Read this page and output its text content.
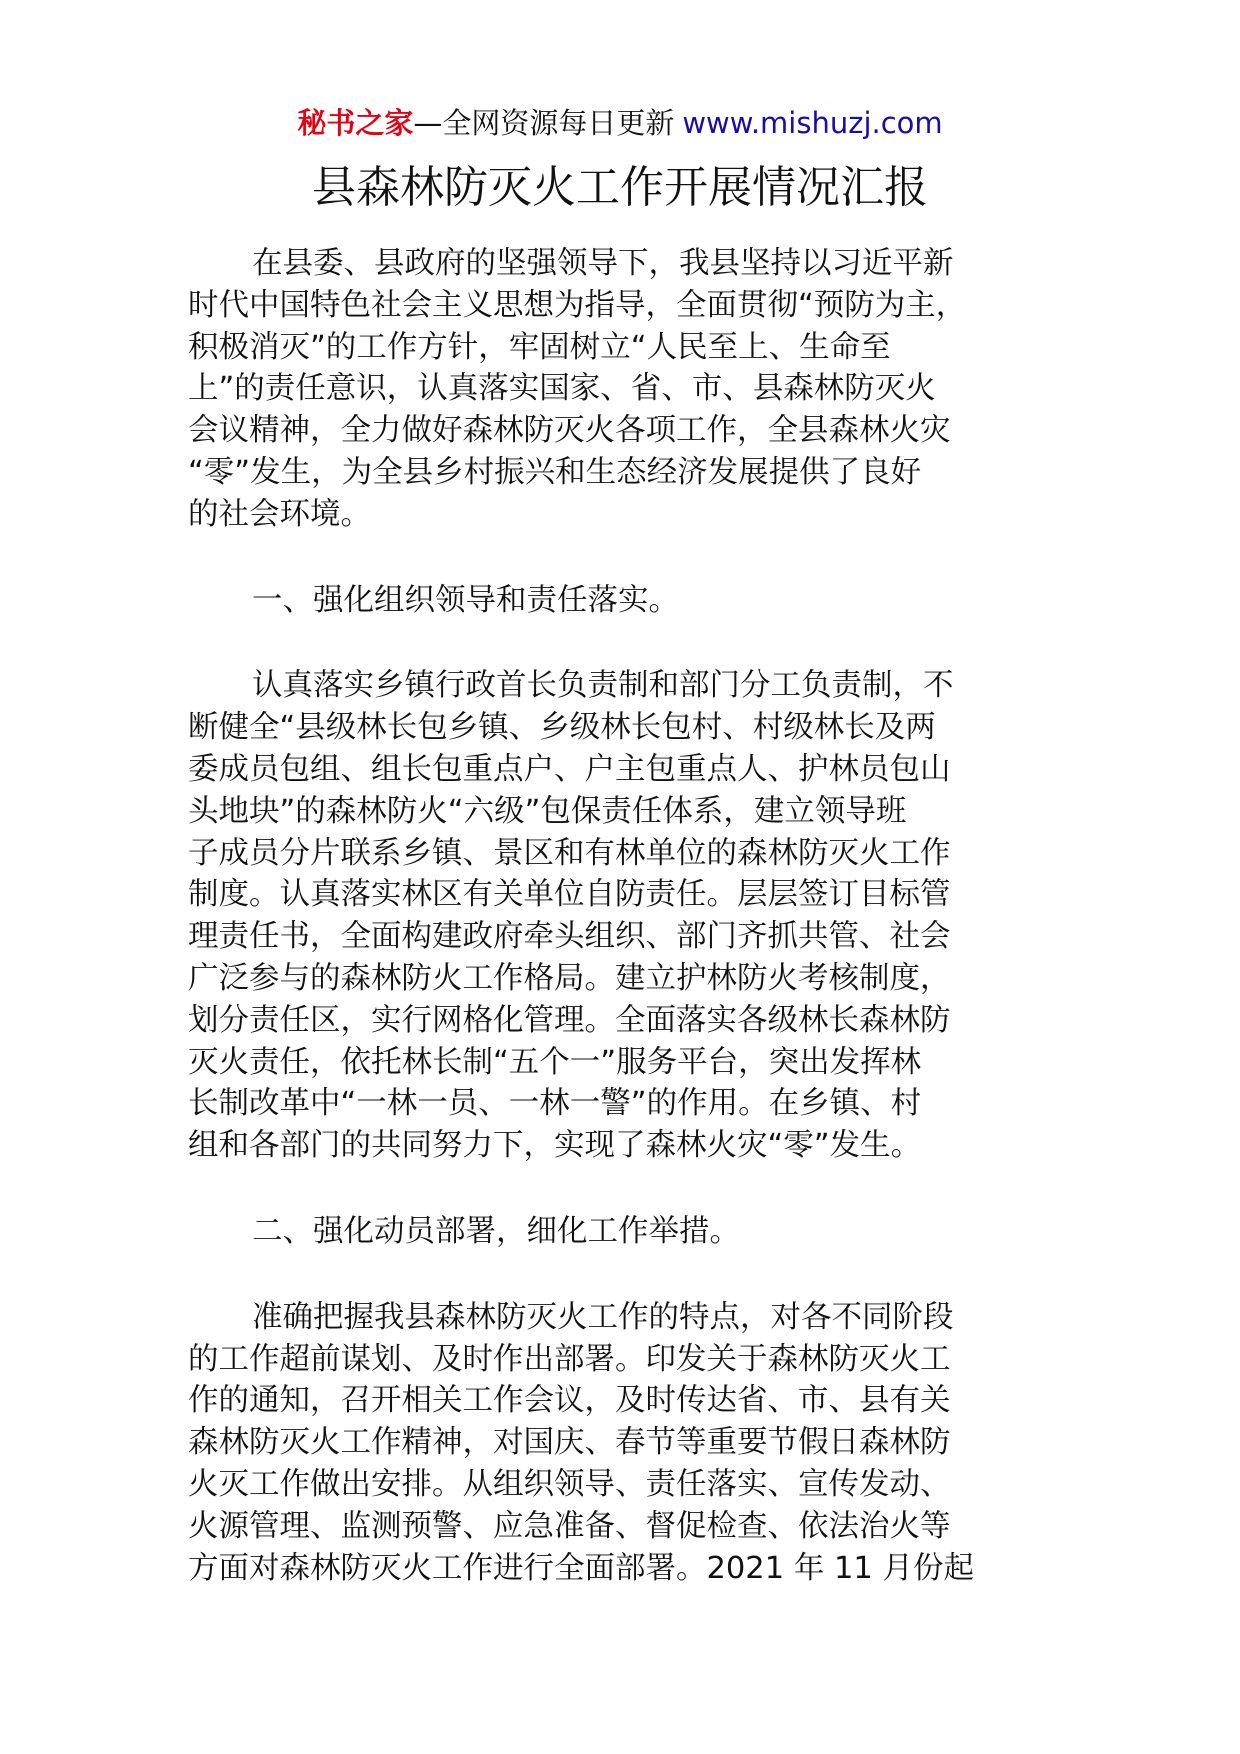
秘书之家—全网资源每日更新 www.mishuzj.com
县森林防灭火工作开展情况汇报
在县委、县政府的坚强领导下，我县坚持以习近平新
时代中国特色社会主义思想为指导，全面贯彻“预防为主，
积极消灭”的工作方针，牢固树立“人民至上、生命至
上”的责任意识，认真落实国家、省、市、县森林防灭火
会议精神，全力做好森林防灭火各项工作，全县森林火灾
“零”发生，为全县乡村振兴和生态经济发展提供了良好
的社会环境。
一、强化组织领导和责任落实。
认真落实乡镇行政首长负责制和部门分工负责制，不
断健全“县级林长包乡镇、乡级林长包村、村级林长及两
委成员包组、组长包重点户、户主包重点人、护林员包山
头地块”的森林防火“六级”包保责任体系，建立领导班
子成员分片联系乡镇、景区和有林单位的森林防灭火工作
制度。认真落实林区有关单位自防责任。层层签订目标管
理责任书，全面构建政府牵头组织、部门齐抓共管、社会
广泛参与的森林防火工作格局。建立护林防火考核制度，
划分责任区，实行网格化管理。全面落实各级林长森林防
灭火责任，依托林长制“五个一”服务平台，突出发挥林
长制改革中“一林一员、一林一警”的作用。在乡镇、村
组和各部门的共同努力下，实现了森林火灾“零”发生。
二、强化动员部署，细化工作举措。
准确把握我县森林防灭火工作的特点，对各不同阶段
的工作超前谋划、及时作出部署。印发关于森林防灭火工
作的通知，召开相关工作会议，及时传达省、市、县有关
森林防灭火工作精神，对国庆、春节等重要节假日森林防
火灭工作做出安排。从组织领导、责任落实、宣传发动、
火源管理、监测预警、应急准备、督促检查、依法治火等
方面对森林防灭火工作进行全面部署。2021 年 11 月份起
